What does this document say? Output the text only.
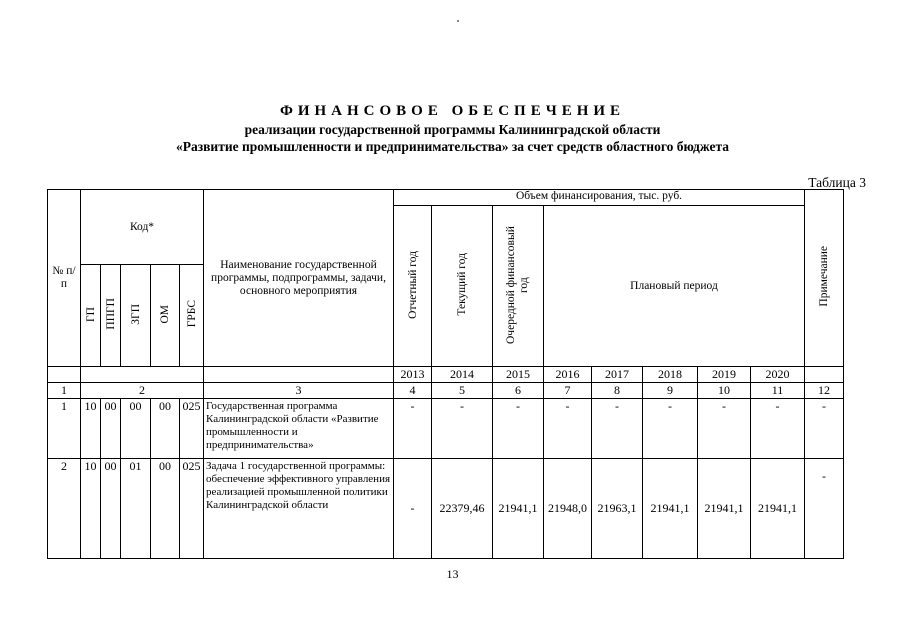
ФИНАНСОВОЕ ОБЕСПЕЧЕНИЕ
реализации государственной программы Калининградской области
«Развитие промышленности и предпринимательства» за счет средств областного бюджета
Таблица 3
№ п/п	Код*					Наименование государственной программы, подпрограммы, задачи, основного мероприятия	Объем финансирования, тыс. руб.								Примечание
							Отчетный год	Текущий год	Очередной финансовый год	Плановый период					
	ГП	ППГП	ЗГП	ОМ	ГРБС										
							2013	2014	2015	2016	2017	2018	2019	2020	
1	2					3	4	5	6	7	8	9	10	11	12
1	10	00	00	00	025	Государственная программа Калининградской области «Развитие промышленности и предпринимательства»	-	-	-	-	-	-	-	-	-
2	10	00	01	00	025	Задача 1 государственной программы: обеспечение эффективного управления реализацией промышленной политики Калининградской области	-	22379,46	21941,1	21948,0	21963,1	21941,1	21941,1	21941,1	-
13
